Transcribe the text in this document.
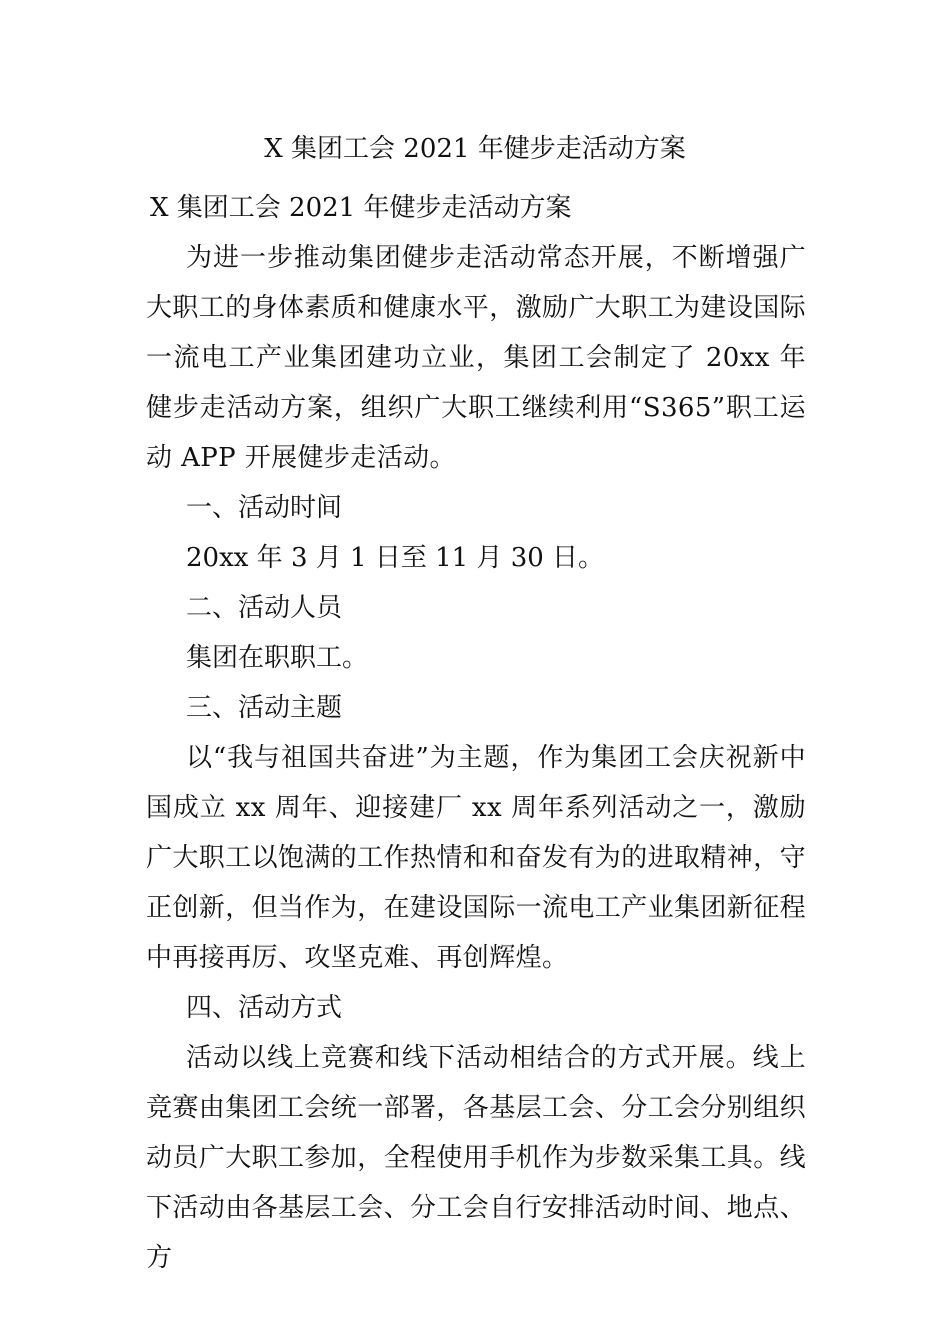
X 集团工会 2021 年健步走活动方案

X 集团工会 2021 年健步走活动方案

为进一步推动集团健步走活动常态开展，不断增强广大职工的身体素质和健康水平，激励广大职工为建设国际一流电工产业集团建功立业，集团工会制定了 20xx 年健步走活动方案，组织广大职工继续利用“S365”职工运动 APP 开展健步走活动。

一、活动时间

20xx 年 3 月 1 日至 11 月 30 日。

二、活动人员

集团在职职工。

三、活动主题

以“我与祖国共奋进”为主题，作为集团工会庆祝新中国成立 xx 周年、迎接建厂 xx 周年系列活动之一，激励广大职工以饱满的工作热情和和奋发有为的进取精神，守正创新，但当作为，在建设国际一流电工产业集团新征程中再接再厉、攻坚克难、再创辉煌。

四、活动方式

活动以线上竞赛和线下活动相结合的方式开展。线上竞赛由集团工会统一部署，各基层工会、分工会分别组织动员广大职工参加，全程使用手机作为步数采集工具。线下活动由各基层工会、分工会自行安排活动时间、地点、方
